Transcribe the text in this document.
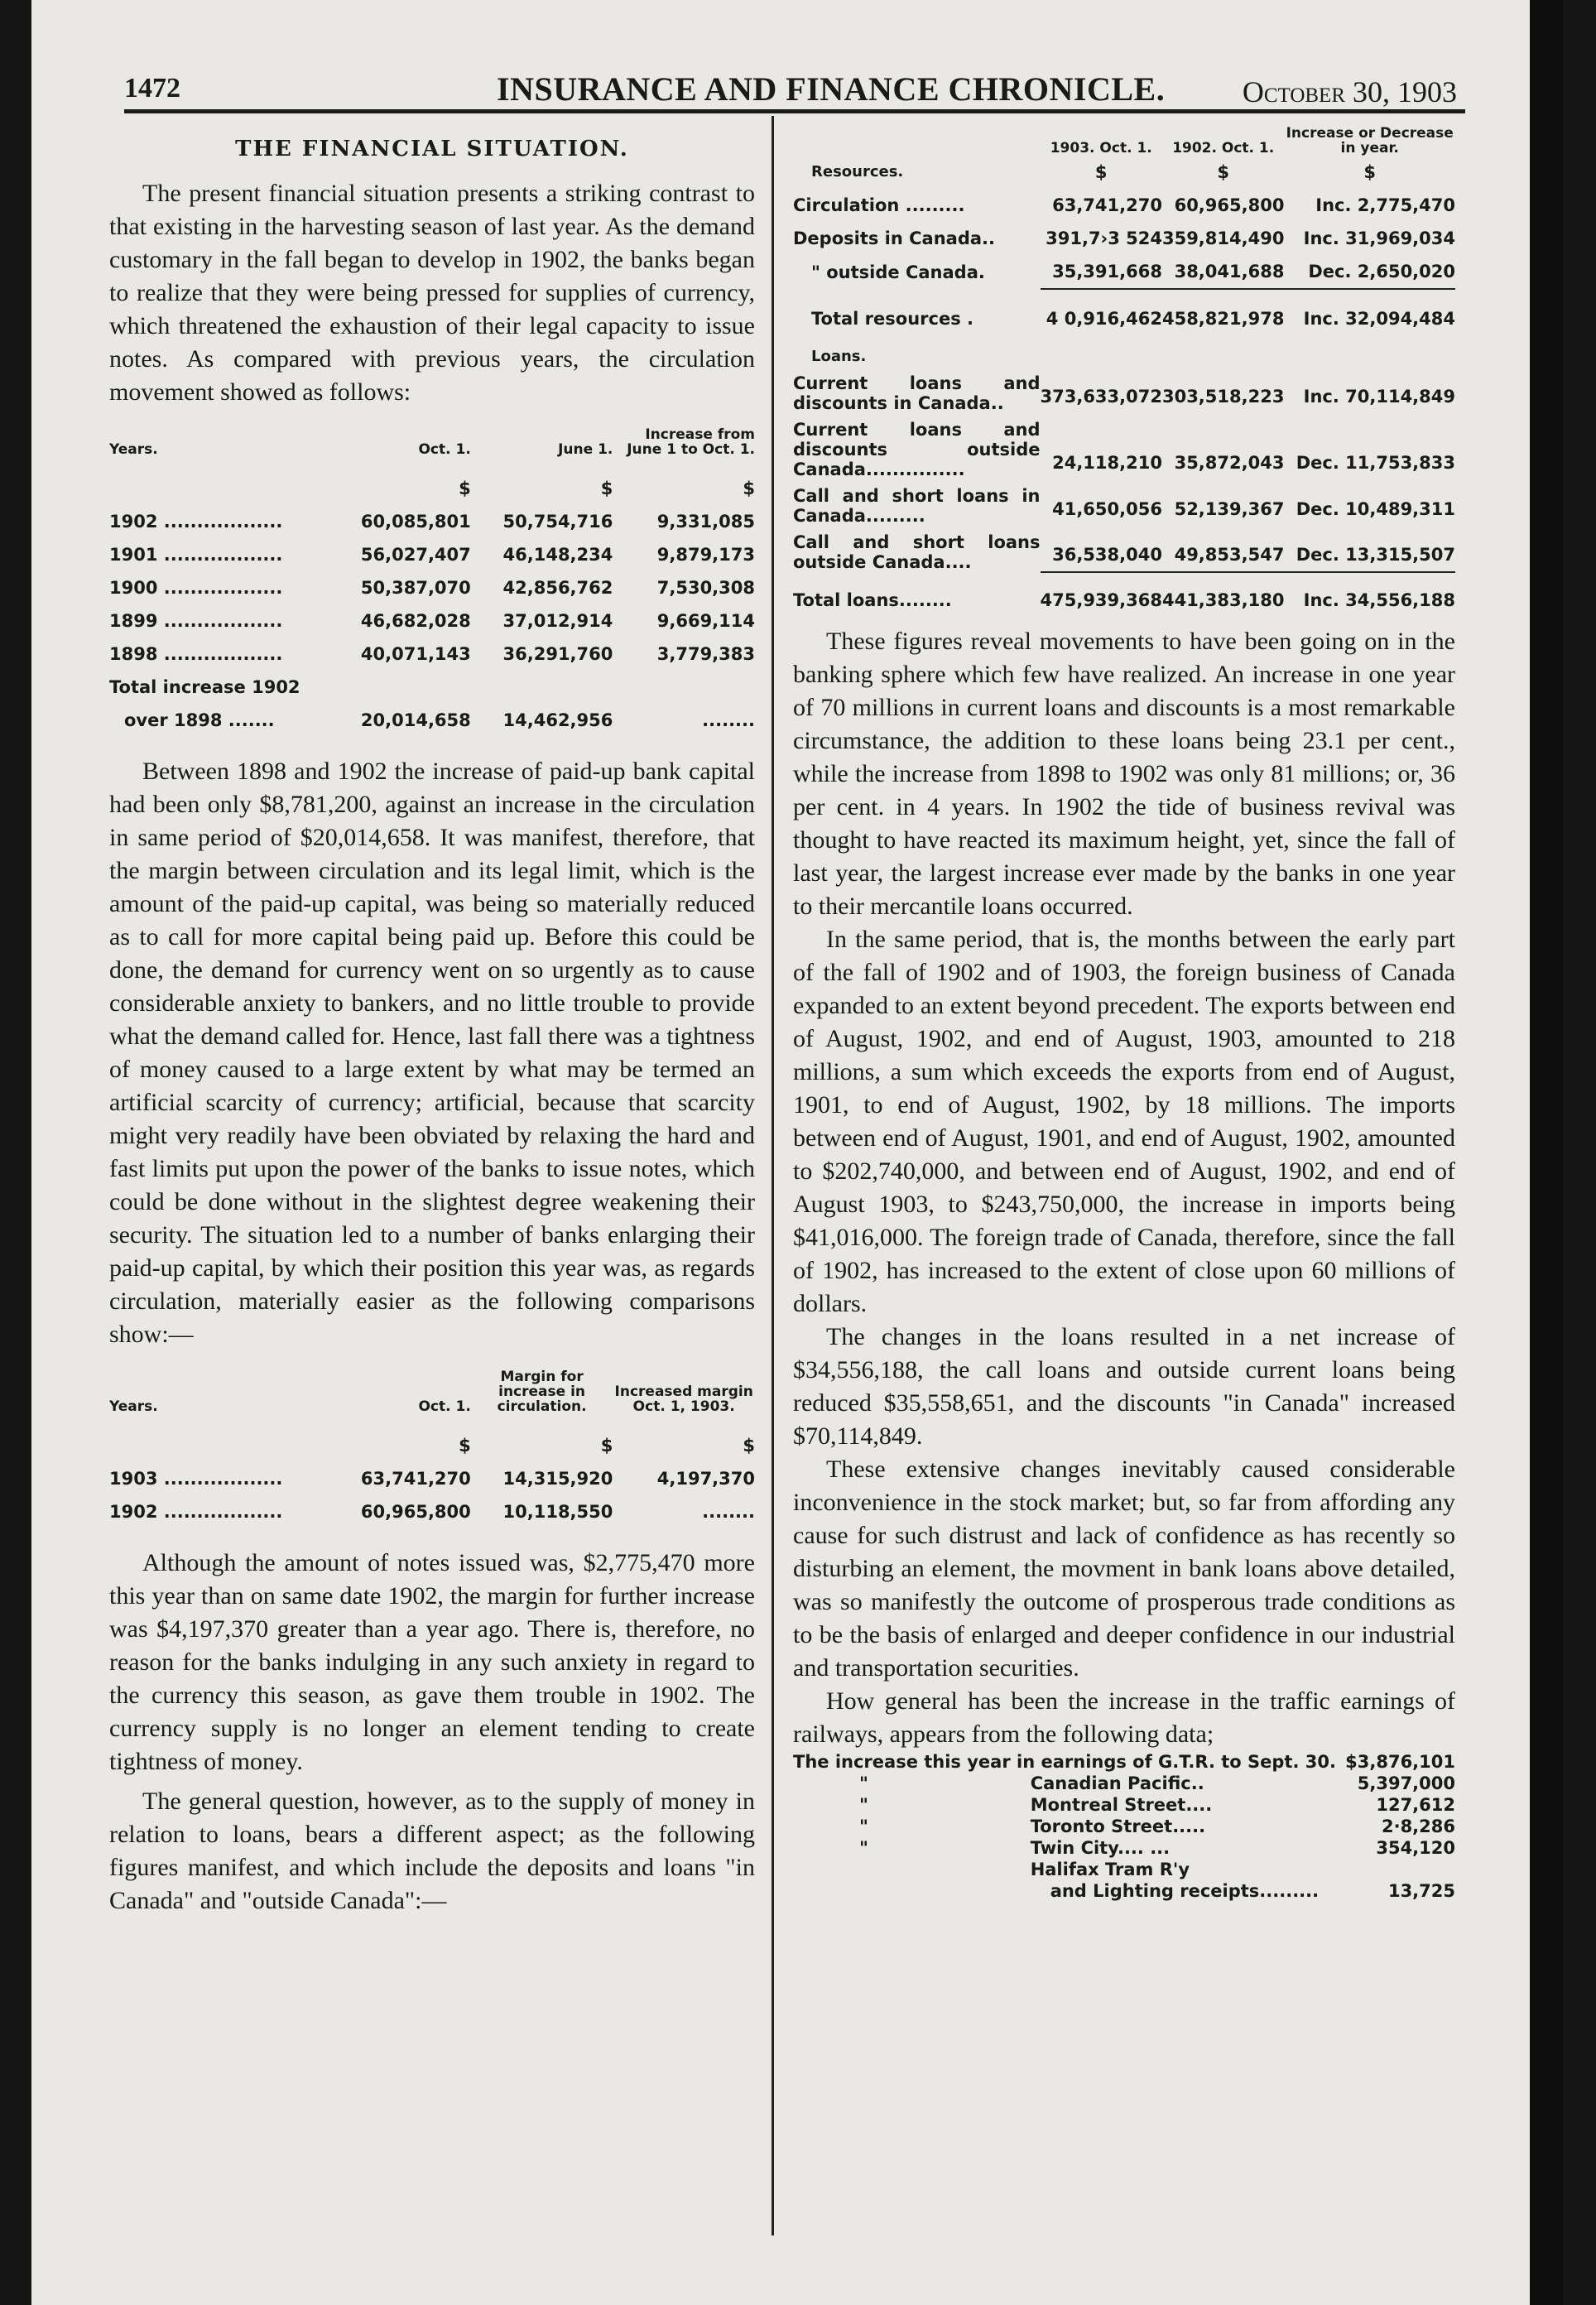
1472	INSURANCE AND FINANCE CHRONICLE.	October 30, 1903
THE FINANCIAL SITUATION.

The present financial situation presents a striking contrast to that existing in the harvesting season of last year. As the demand customary in the fall began to develop in 1902, the banks began to realize that they were being pressed for supplies of currency, which threatened the exhaustion of their legal capacity to issue notes. As compared with previous years, the circulation movement showed as follows:

Years.	Oct. 1.	June 1.	Increase from June 1 to Oct. 1.

	$	$	$
1902 ..................	60,085,801	50,754,716	9,331,085
1901 ..................	56,027,407	46,148,234	9,879,173
1900 ..................	50,387,070	42,856,762	7,530,308
1899 ..................	46,682,028	37,012,914	9,669,114
1898 ..................	40,071,143	36,291,760	3,779,383
Total increase 1902			
over 1898 .......	20,014,658	14,462,956	........

Between 1898 and 1902 the increase of paid-up bank capital had been only $8,781,200, against an increase in the circulation in same period of $20,014,658. It was manifest, therefore, that the margin between circulation and its legal limit, which is the amount of the paid-up capital, was being so materially reduced as to call for more capital being paid up. Before this could be done, the demand for currency went on so urgently as to cause considerable anxiety to bankers, and no little trouble to provide what the demand called for. Hence, last fall there was a tightness of money caused to a large extent by what may be termed an artificial scarcity of currency; artificial, because that scarcity might very readily have been obviated by relaxing the hard and fast limits put upon the power of the banks to issue notes, which could be done without in the slightest degree weakening their security. The situation led to a number of banks enlarging their paid-up capital, by which their position this year was, as regards circulation, materially easier as the following comparisons show:—

Years.	Oct. 1.	Margin for increase in circulation.	Increased margin Oct. 1, 1903.

	$	$	$
1903 ..................	63,741,270	14,315,920	4,197,370
1902 ..................	60,965,800	10,118,550	........

Although the amount of notes issued was, $2,775,470 more this year than on same date 1902, the margin for further increase was $4,197,370 greater than a year ago. There is, therefore, no reason for the banks indulging in any such anxiety in regard to the currency this season, as gave them trouble in 1902. The currency supply is no longer an element tending to create tightness of money.

The general question, however, as to the supply of money in relation to loans, bears a different aspect; as the following figures manifest, and which include the deposits and loans "in Canada" and "outside Canada":—

	1903. Oct. 1.	1902. Oct. 1.	Increase or Decrease in year.
Resources.	$	$	$
Circulation .........	63,741,270	60,965,800	Inc. 2,775,470
Deposits in Canada..	391,7›3 524	359,814,490	Inc. 31,969,034
" outside Canada.	35,391,668	38,041,688	Dec. 2,650,020
Total resources .	4 0,916,462	458,821,978	Inc. 32,094,484
Loans.			
Current loans and discounts in Canada..	373,633,072	303,518,223	Inc. 70,114,849
Current loans and discounts outside Canada...............	24,118,210	35,872,043	Dec. 11,753,833
Call and short loans in Canada.........	41,650,056	52,139,367	Dec. 10,489,311
Call and short loans outside Canada....	36,538,040	49,853,547	Dec. 13,315,507
Total loans........	475,939,368	441,383,180	Inc. 34,556,188

These figures reveal movements to have been going on in the banking sphere which few have realized. An increase in one year of 70 millions in current loans and discounts is a most remarkable circumstance, the addition to these loans being 23.1 per cent., while the increase from 1898 to 1902 was only 81 millions; or, 36 per cent. in 4 years. In 1902 the tide of business revival was thought to have reacted its maximum height, yet, since the fall of last year, the largest increase ever made by the banks in one year to their mercantile loans occurred.

In the same period, that is, the months between the early part of the fall of 1902 and of 1903, the foreign business of Canada expanded to an extent beyond precedent. The exports between end of August, 1902, and end of August, 1903, amounted to 218 millions, a sum which exceeds the exports from end of August, 1901, to end of August, 1902, by 18 millions. The imports between end of August, 1901, and end of August, 1902, amounted to $202,740,000, and between end of August, 1902, and end of August 1903, to $243,750,000, the increase in imports being $41,016,000. The foreign trade of Canada, therefore, since the fall of 1902, has increased to the extent of close upon 60 millions of dollars.

The changes in the loans resulted in a net increase of $34,556,188, the call loans and outside current loans being reduced $35,558,651, and the discounts "in Canada" increased $70,114,849.

These extensive changes inevitably caused considerable inconvenience in the stock market; but, so far from affording any cause for such distrust and lack of confidence as has recently so disturbing an element, the movment in bank loans above detailed, was so manifestly the outcome of prosperous trade conditions as to be the basis of enlarged and deeper confidence in our industrial and transportation securities.

How general has been the increase in the traffic earnings of railways, appears from the following data;

The increase this year in earnings of G.T.R. to Sept. 30.		$3,876,101
"	Canadian Pacific..	5,397,000
"	Montreal Street....	127,612
"	Toronto Street.....	2·8,286
"	Twin City.... ...	354,120
	Halifax Tram R'y	
	and Lighting receipts.........	13,725
